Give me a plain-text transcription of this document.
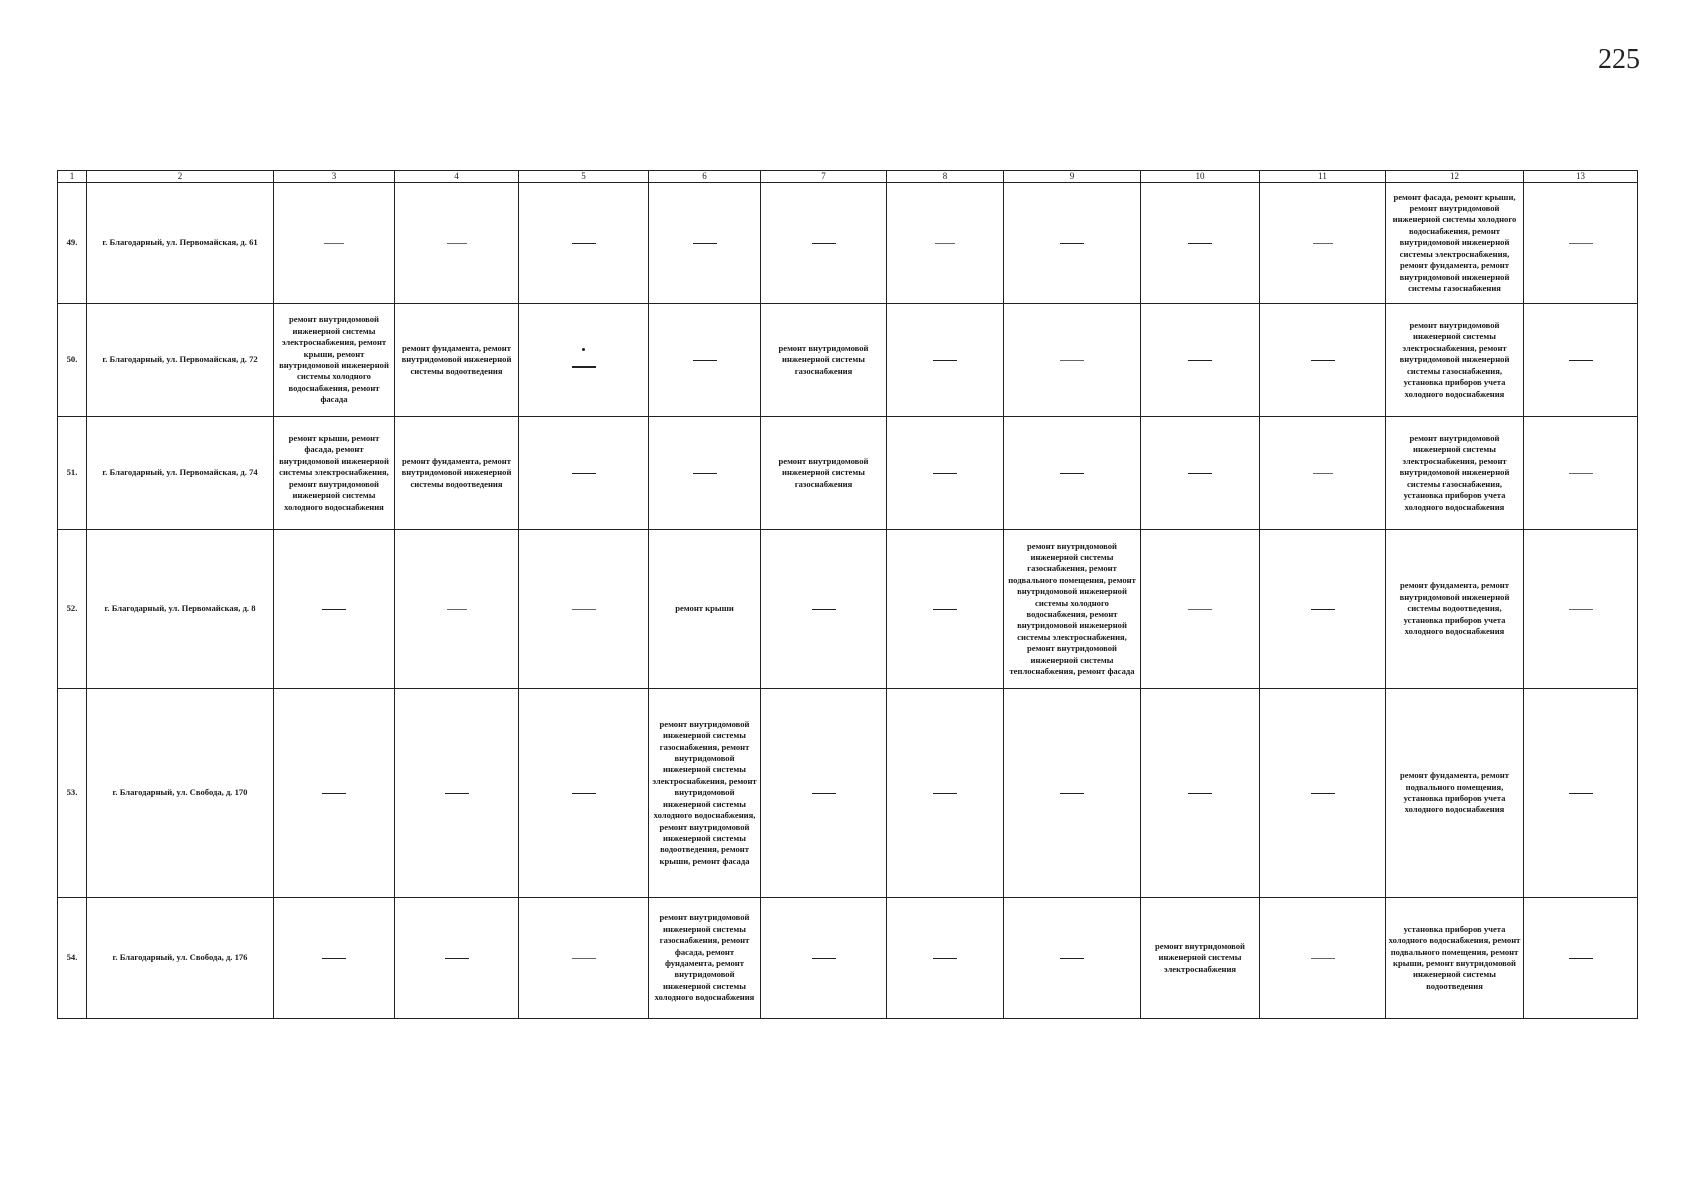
225
1	2	3	4	5	6	7	8	9	10	11	12	13
49.	г. Благодарный, ул. Первомайская, д. 61										ремонт фасада, ремонт крыши, ремонт внутридомовой инженерной системы холодного водоснабжения, ремонт внутридомовой инженерной системы электроснабжения, ремонт фундамента, ремонт внутридомовой инженерной системы газоснабжения	
50.	г. Благодарный, ул. Первомайская, д. 72	ремонт внутридомовой инженерной системы электроснабжения, ремонт крыши, ремонт внутридомовой инженерной системы холодного водоснабжения, ремонт фасада	ремонт фундамента, ремонт внутридомовой инженерной системы водоотведения			ремонт внутридомовой инженерной системы газоснабжения					ремонт внутридомовой инженерной системы электроснабжения, ремонт внутридомовой инженерной системы газоснабжения, установка приборов учета холодного водоснабжения	
51.	г. Благодарный, ул. Первомайская, д. 74	ремонт крыши, ремонт фасада, ремонт внутридомовой инженерной системы электроснабжения, ремонт внутридомовой инженерной системы холодного водоснабжения	ремонт фундамента, ремонт внутридомовой инженерной системы водоотведения			ремонт внутридомовой инженерной системы газоснабжения					ремонт внутридомовой инженерной системы электроснабжения, ремонт внутридомовой инженерной системы газоснабжения, установка приборов учета холодного водоснабжения	
52.	г. Благодарный, ул. Первомайская, д. 8				ремонт крыши			ремонт внутридомовой инженерной системы газоснабжения, ремонт подвального помещения, ремонт внутридомовой инженерной системы холодного водоснабжения, ремонт внутридомовой инженерной системы электроснабжения, ремонт внутридомовой инженерной системы теплоснабжения, ремонт фасада			ремонт фундамента, ремонт внутридомовой инженерной системы водоотведения, установка приборов учета холодного водоснабжения	
53.	г. Благодарный, ул. Свобода, д. 170				ремонт внутридомовой инженерной системы газоснабжения, ремонт внутридомовой инженерной системы электроснабжения, ремонт внутридомовой инженерной системы холодного водоснабжения, ремонт внутридомовой инженерной системы водоотведения, ремонт крыши, ремонт фасада						ремонт фундамента, ремонт подвального помещения, установка приборов учета холодного водоснабжения	
54.	г. Благодарный, ул. Свобода, д. 176				ремонт внутридомовой инженерной системы газоснабжения, ремонт фасада, ремонт фундамента, ремонт внутридомовой инженерной системы холодного водоснабжения				ремонт внутридомовой инженерной системы электроснабжения		установка приборов учета холодного водоснабжения, ремонт подвального помещения, ремонт крыши, ремонт внутридомовой инженерной системы водоотведения	
